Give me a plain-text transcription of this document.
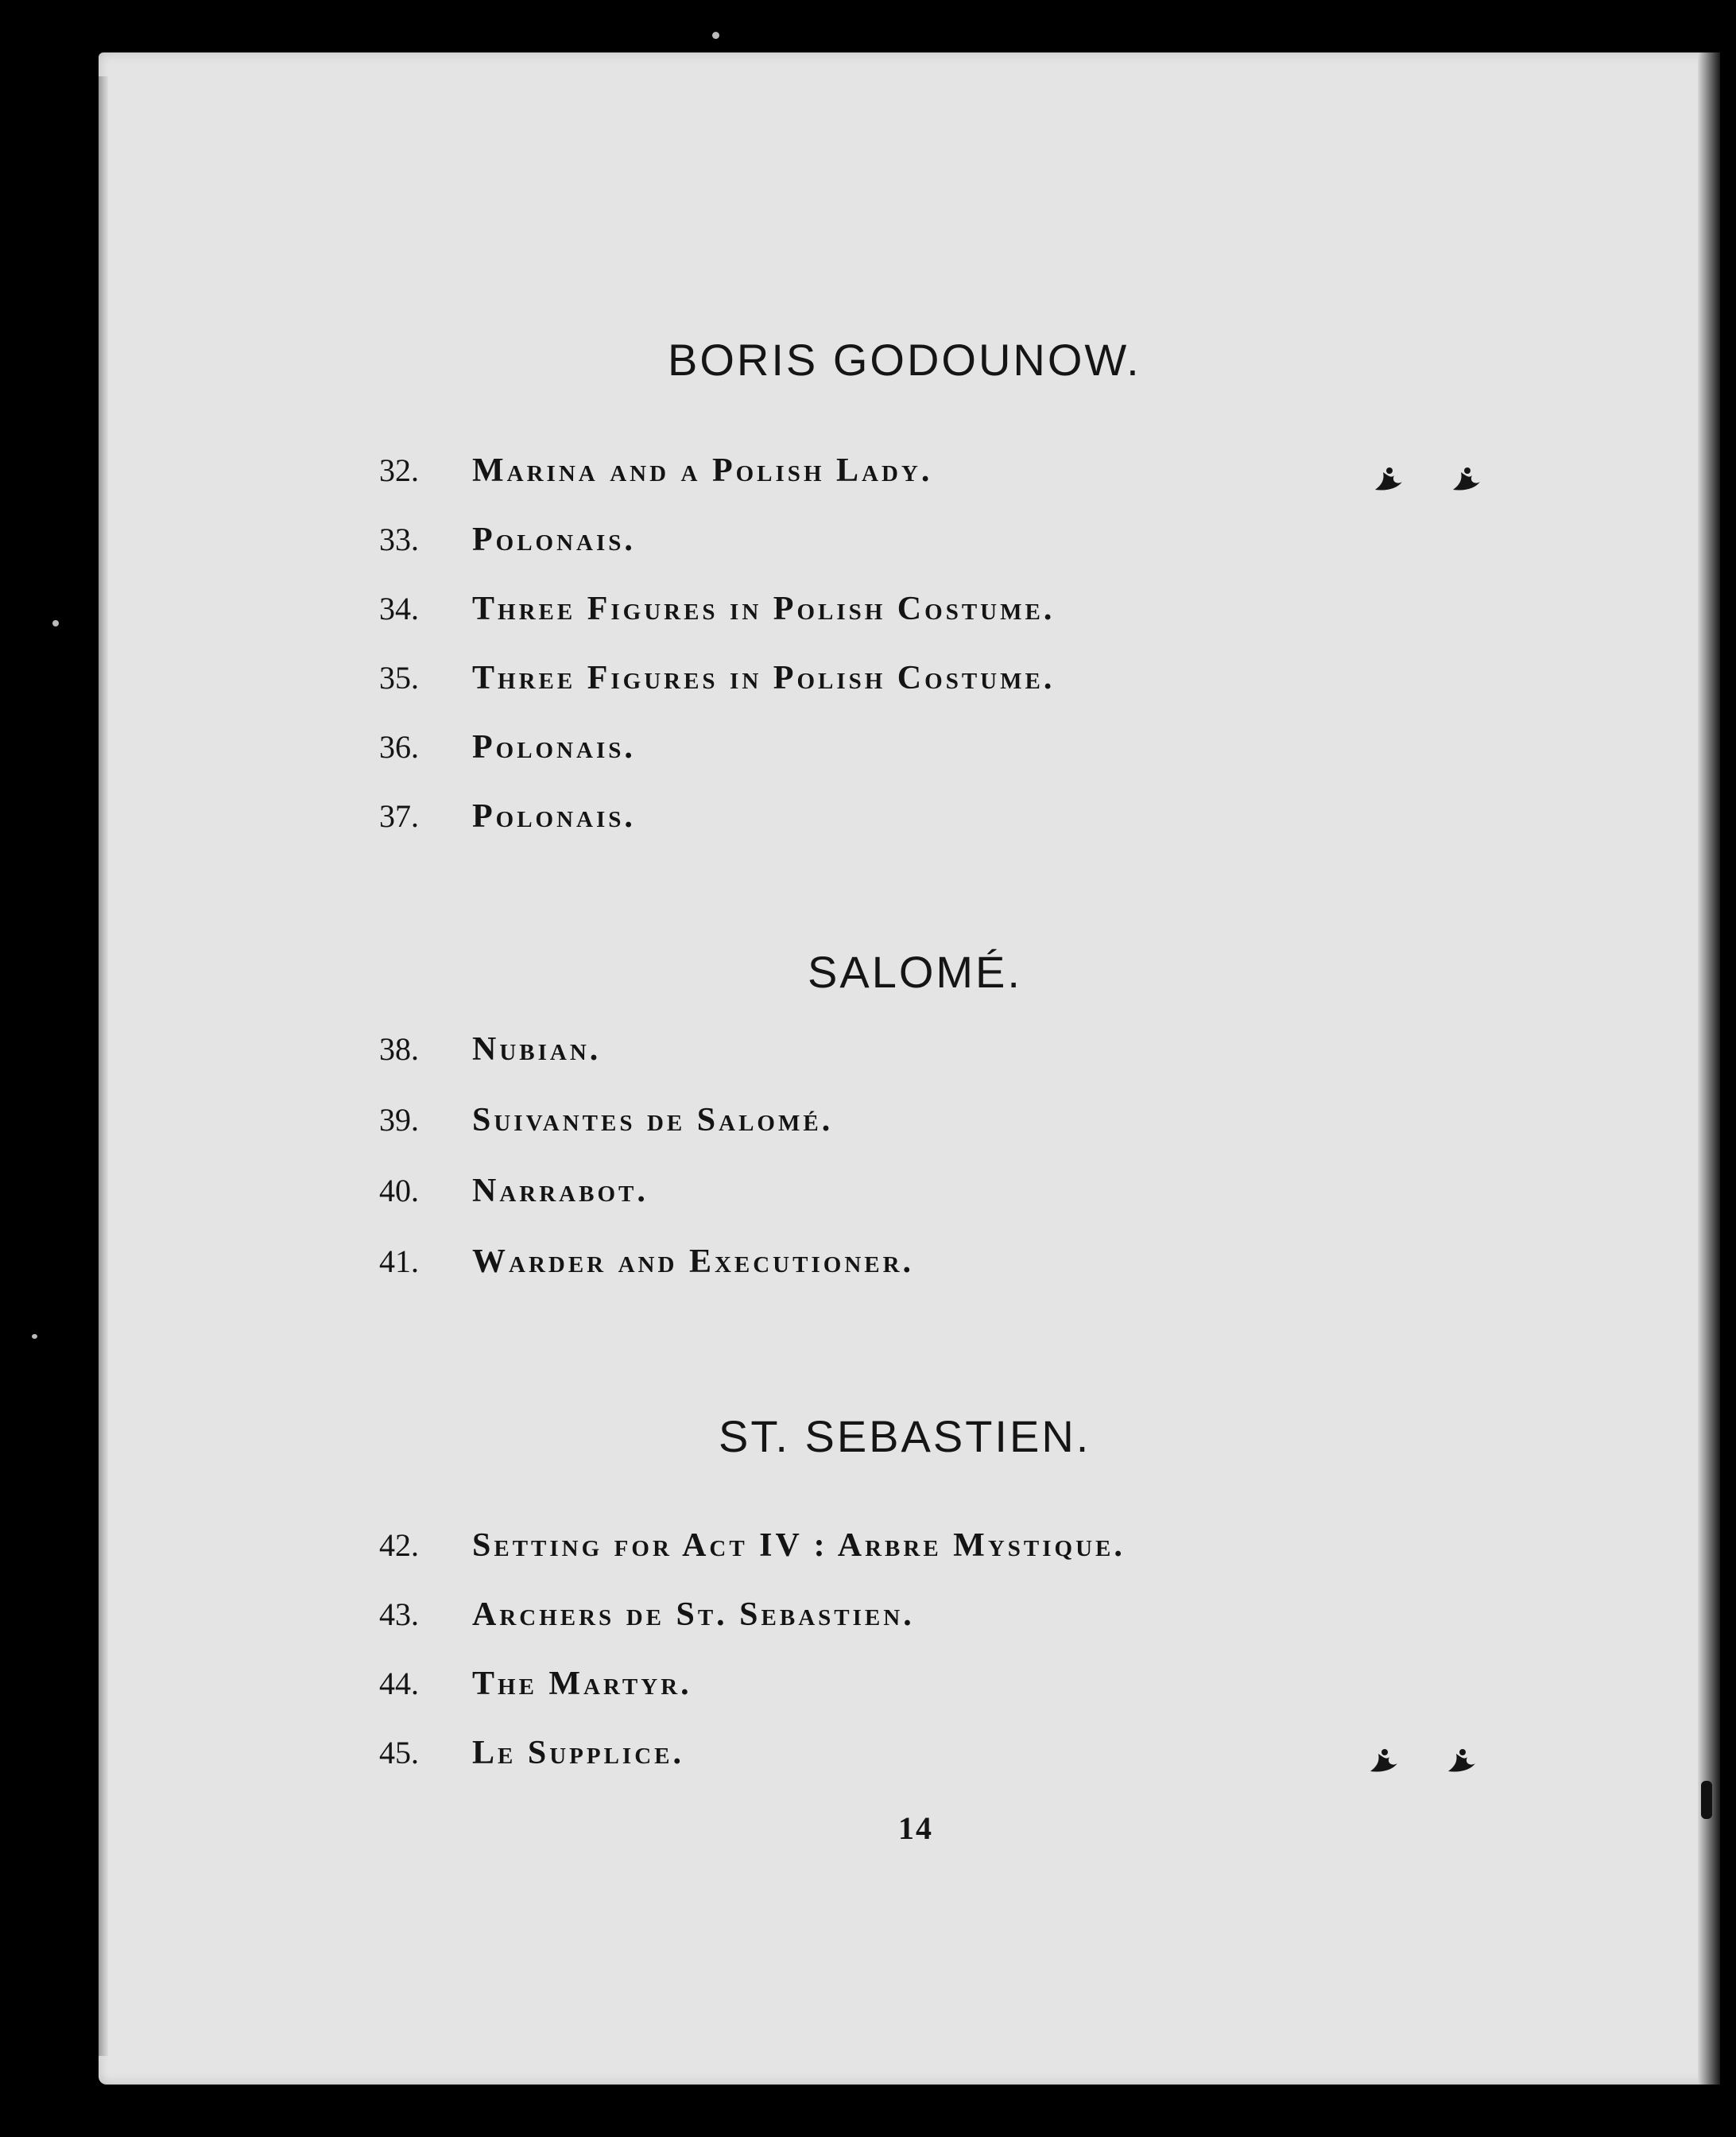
BORIS GODOUNOW.
32. Marina and a Polish Lady.
33. Polonais.
34. Three Figures in Polish Costume.
35. Three Figures in Polish Costume.
36. Polonais.
37. Polonais.
SALOMÉ.
38. Nubian.
39. Suivantes de Salomé.
40. Narrabot.
41. Warder and Executioner.
ST. SEBASTIEN.
42. Setting for Act IV : Arbre Mystique.
43. Archers de St. Sebastien.
44. The Martyr.
45. Le Supplice.
14
